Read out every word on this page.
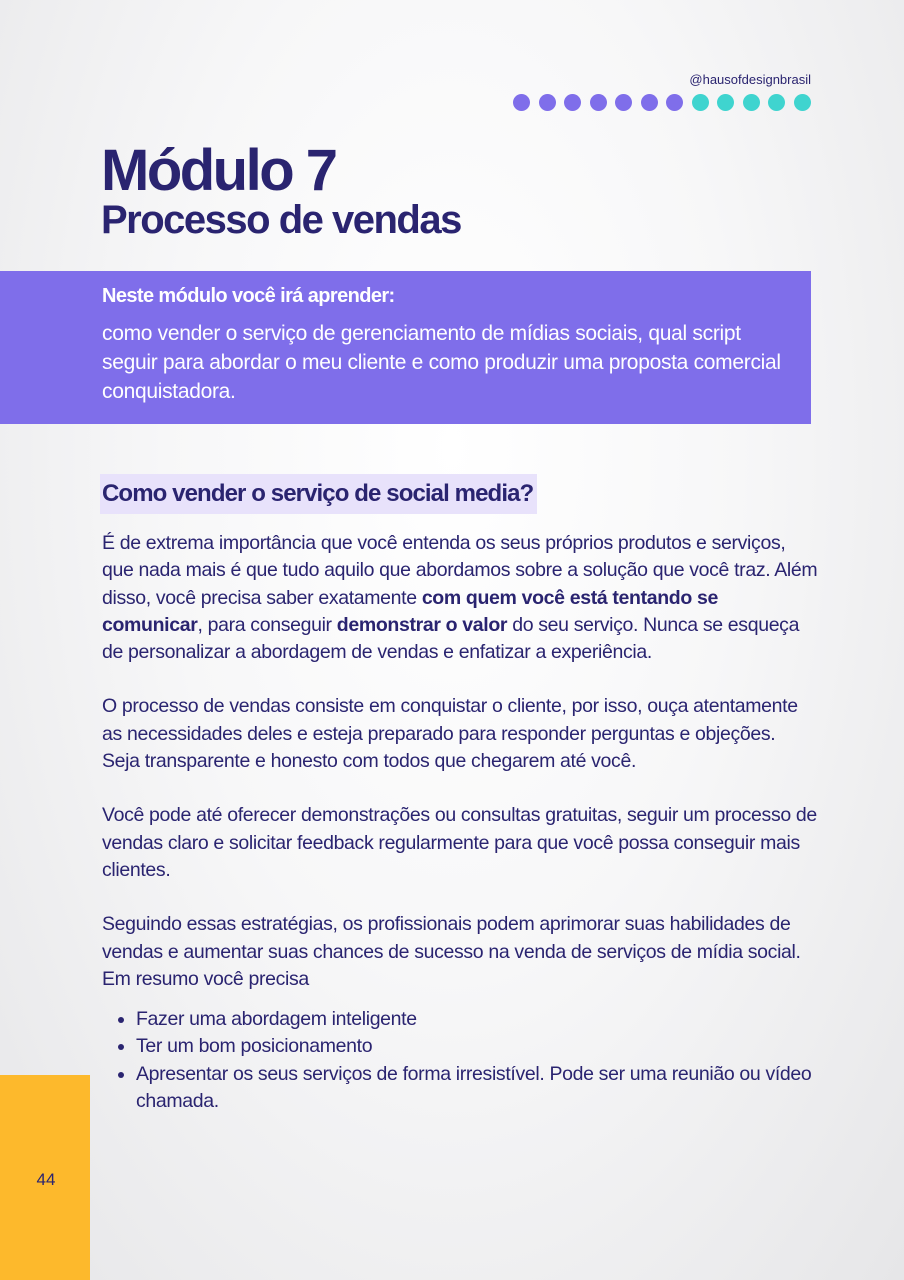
@hausofdesignbrasil
Módulo 7
Processo de vendas

Neste módulo você irá aprender:

como vender o serviço de gerenciamento de mídias sociais, qual script seguir para abordar o meu cliente e como produzir uma proposta comercial conquistadora.

Como vender o serviço de social media?

É de extrema importância que você entenda os seus próprios produtos e serviços, que nada mais é que tudo aquilo que abordamos sobre a solução que você traz. Além disso, você precisa saber exatamente com quem você está tentando se comunicar, para conseguir demonstrar o valor do seu serviço. Nunca se esqueça de personalizar a abordagem de vendas e enfatizar a experiência.

O processo de vendas consiste em conquistar o cliente, por isso, ouça atentamente as necessidades deles e esteja preparado para responder perguntas e objeções. Seja transparente e honesto com todos que chegarem até você.

Você pode até oferecer demonstrações ou consultas gratuitas, seguir um processo de vendas claro e solicitar feedback regularmente para que você possa conseguir mais clientes.

Seguindo essas estratégias, os profissionais podem aprimorar suas habilidades de vendas e aumentar suas chances de sucesso na venda de serviços de mídia social. Em resumo você precisa

• Fazer uma abordagem inteligente
• Ter um bom posicionamento
• Apresentar os seus serviços de forma irresistível. Pode ser uma reunião ou vídeo chamada.
44
